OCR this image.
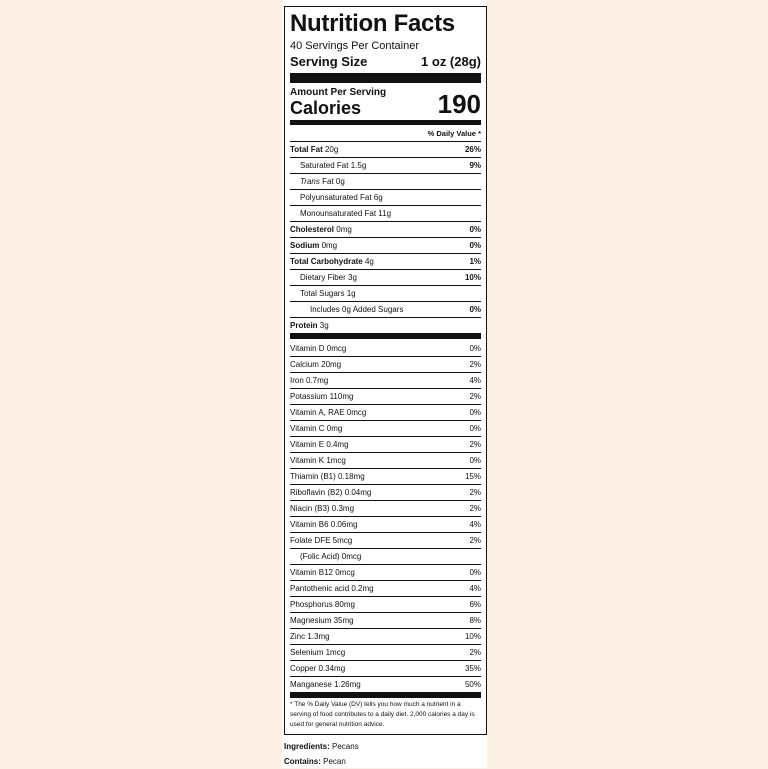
Nutrition Facts
40 Servings Per Container
Serving Size	1 oz (28g)
Amount Per Serving
Calories	190
% Daily Value *
Total Fat 20g	26%
Saturated Fat 1.5g	9%
Trans Fat 0g
Polyunsaturated Fat 6g
Monounsaturated Fat 11g
Cholesterol 0mg	0%
Sodium 0mg	0%
Total Carbohydrate 4g	1%
Dietary Fiber 3g	10%
Total Sugars 1g
Includes 0g Added Sugars	0%
Protein 3g
Vitamin D 0mcg	0%
Calcium 20mg	2%
Iron 0.7mg	4%
Potassium 110mg	2%
Vitamin A, RAE 0mcg	0%
Vitamin C 0mg	0%
Vitamin E 0.4mg	2%
Vitamin K 1mcg	0%
Thiamin (B1) 0.18mg	15%
Riboflavin (B2) 0.04mg	2%
Niacin (B3) 0.3mg	2%
Vitamin B6 0.06mg	4%
Folate DFE 5mcg	2%
(Folic Acid) 0mcg
Vitamin B12 0mcg	0%
Pantothenic acid 0.2mg	4%
Phosphorus 80mg	6%
Magnesium 35mg	8%
Zinc 1.3mg	10%
Selenium 1mcg	2%
Copper 0.34mg	35%
Manganese 1.26mg	50%
* The % Daily Value (DV) tells you how much a nutrient in a serving of food contributes to a daily diet. 2,000 calories a day is used for general nutrition advice.
Ingredients: Pecans
Contains: Pecan
